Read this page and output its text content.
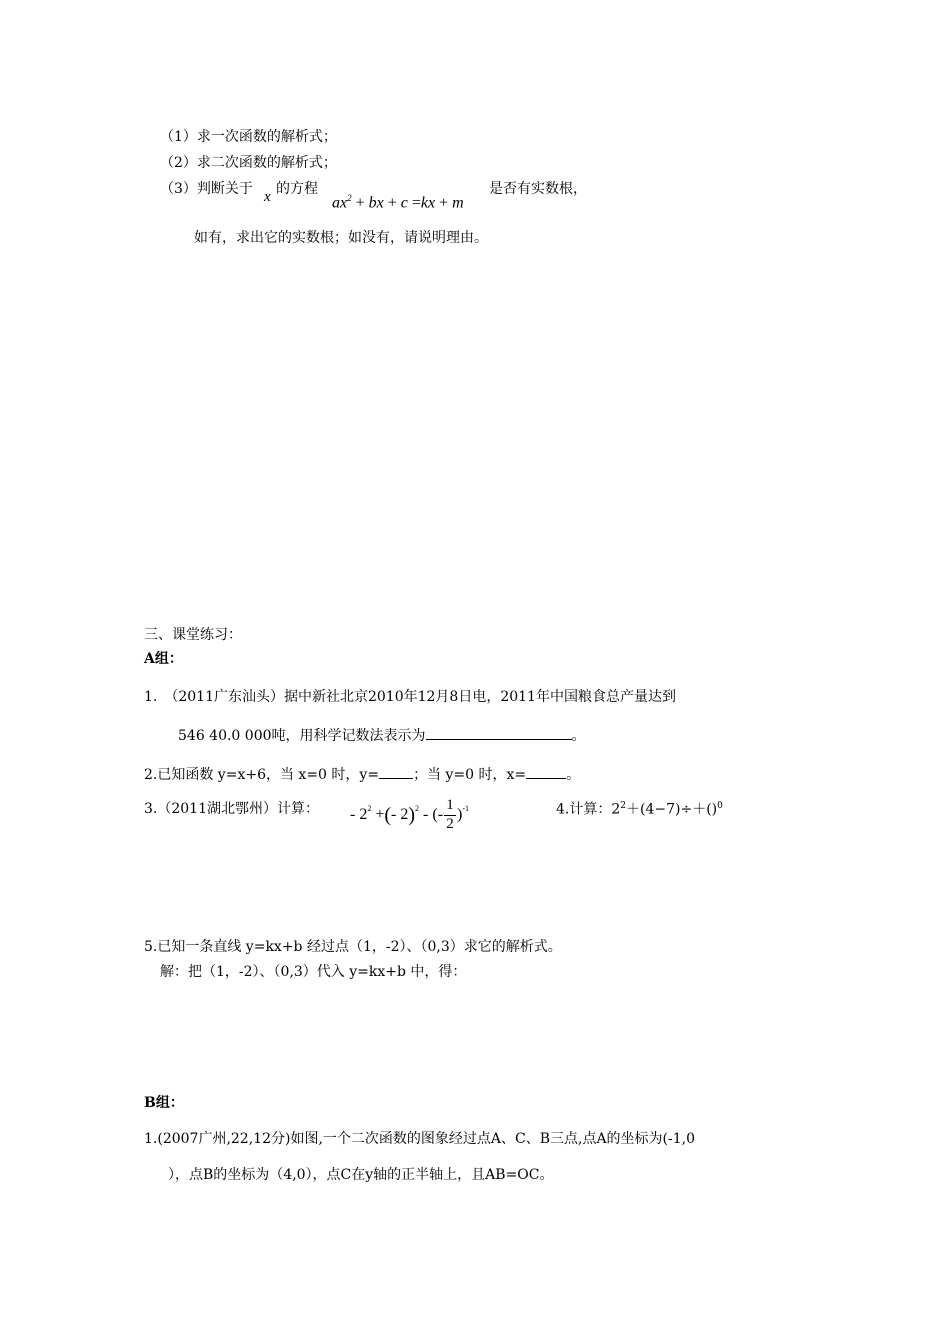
（1）求一次函数的解析式；
（2）求二次函数的解析式；
（3）判断关于 x 的方程
$ax^2$ + bx + c =kx + m
是否有实数根，
如有，求出它的实数根；如没有，请说明理由。
三、课堂练习：
A组：
1.　（2011广东汕头）据中新社北京2010年12月8日电，2011年中国粮食总产量达到
546 40.0 000吨，用科学记数法表示为	。
2.已知函数 y=x+6，当 x=0 时，y= ；当 y=0 时，x=	。
3.（2011湖北鄂州）计算： - $2^2$
+ ( - 2 )$^2$
- (- $\frac{1}{2} )^{-1}$	4.计算：$2^2+(4-7)\div+()^0$
5.已知一条直线 y=kx+b 经过点（1，-2）、（0,3）求它的解析式。
解：把（1，-2）、（0,3）代入 y=kx+b 中，得：
B组：
1.(2007广州,22,12分)如图,一个二次函数的图象经过点A、C、B三点,点A的坐标为(-1,0
），点B的坐标为（4,0），点C在y轴的正半轴上，且AB=OC。
